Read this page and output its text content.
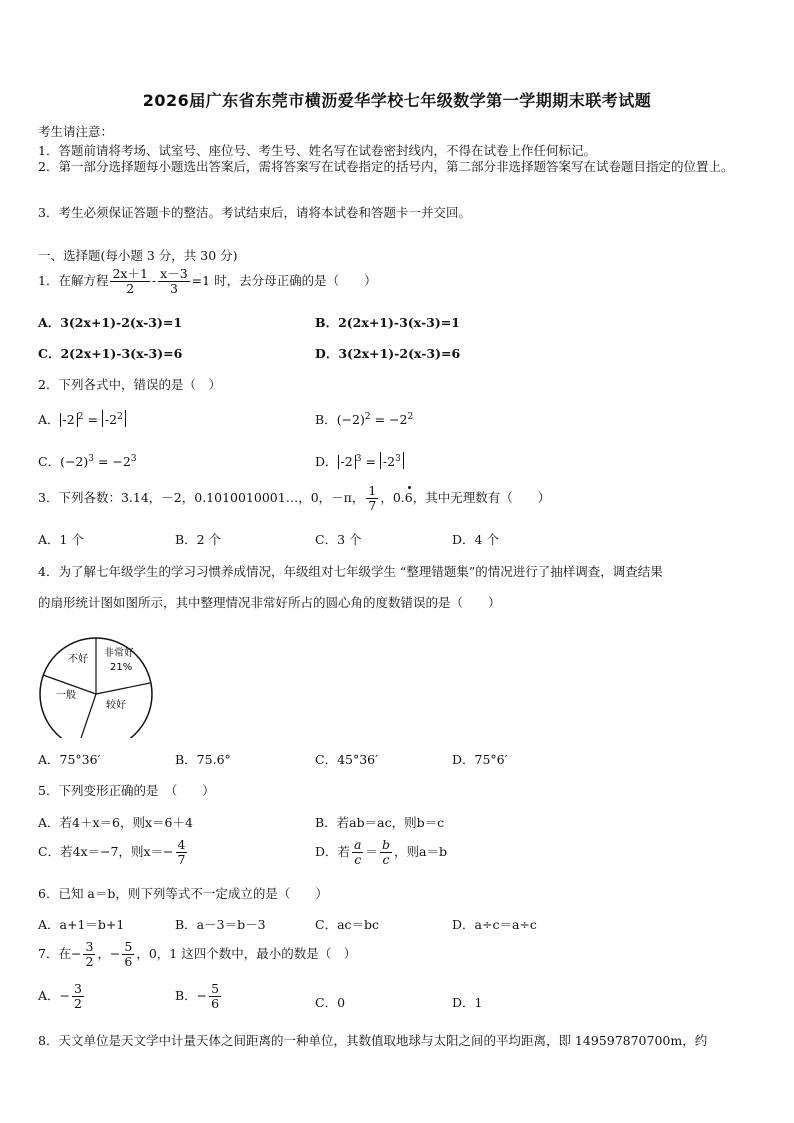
2026届广东省东莞市横沥爱华学校七年级数学第一学期期末联考试题
考生请注意：
1．答题前请将考场、试室号、座位号、考生号、姓名写在试卷密封线内，不得在试卷上作任何标记。
2．第一部分选择题每小题选出答案后，需将答案写在试卷指定的括号内，第二部分非选择题答案写在试卷题目指定的位置上。
3．考生必须保证答题卡的整洁。考试结束后，请将本试卷和答题卡一并交回。
一、选择题(每小题 3 分，共 30 分)
1．在解方程 $\frac{2x+1}{2} - \frac{x-3}{3} =1$ 时，去分母正确的是（　　）
A．3(2x+1)-2(x-3)=1	B．2(2x+1)-3(x-3)=1
C．2(2x+1)-3(x-3)=6	D．3(2x+1)-2(x-3)=6
2．下列各式中，错误的是（　）
A． -2 $^2 = -2^2$	B．$(-2)^2 = -2^2$
C．$(-2)^3 = -2^3$	D． -2 $^3 = -2^3$
3．下列各数：3.14，－2，0.1010010001…，0，－π， $\frac{1}{7}$ ，0.6，其中无理数有（　　）
A．1 个	B．2 个	C．3 个	D．4 个
4．为了解七年级学生的学习习惯养成情况，年级组对七年级学生 “整理错题集”的情况进行了抽样调查，调查结果
的扇形统计图如图所示，其中整理情况非常好所占的圆心角的度数错误的是（　　）
不好
非常好
21%
一般
较好
A．75°36′	B．75.6°	C．45°36′	D．75°6′
5．下列变形正确的是　（　　）
A．若4＋x＝6，则x＝6＋4	B．若ab＝ac，则b＝c
C．若4x＝−7，则$x=- \frac{4}{7}$	D．若 $\frac{a}{c} = \frac{b}{c}$ ，则a＝b
6．已知 a＝b，则下列等式不一定成立的是（　　）
A．a+1＝b+1	B．a－3＝b－3	C．ac＝bc	D．a÷c＝a÷c
7．在− $\frac{3}{2}$ ，− $\frac{5}{6}$ ，0，1 这四个数中，最小的数是（　）
A．− $\frac{3}{2}$	B．− $\frac{5}{6}$	C．0	D．1
8．天文单位是天文学中计量天体之间距离的一种单位，其数值取地球与太阳之间的平均距离，即 149597870700m，约
